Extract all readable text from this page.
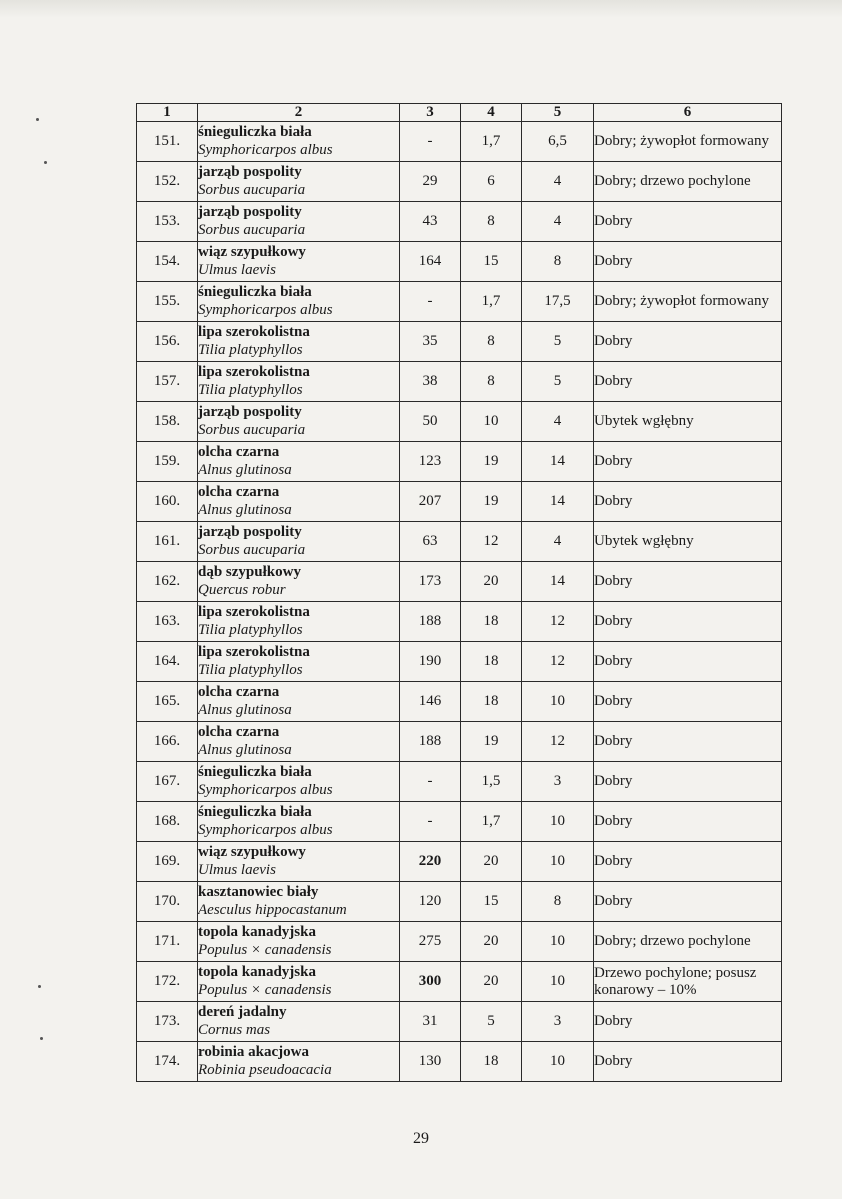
1	2	3	4	5	6
151.	śnieguliczka biała
Symphoricarpos albus	-	1,7	6,5	Dobry; żywopłot formowany
152.	jarząb pospolity
Sorbus aucuparia	29	6	4	Dobry; drzewo pochylone
153.	jarząb pospolity
Sorbus aucuparia	43	8	4	Dobry
154.	wiąz szypułkowy
Ulmus laevis	164	15	8	Dobry
155.	śnieguliczka biała
Symphoricarpos albus	-	1,7	17,5	Dobry; żywopłot formowany
156.	lipa szerokolistna
Tilia platyphyllos	35	8	5	Dobry
157.	lipa szerokolistna
Tilia platyphyllos	38	8	5	Dobry
158.	jarząb pospolity
Sorbus aucuparia	50	10	4	Ubytek wgłębny
159.	olcha czarna
Alnus glutinosa	123	19	14	Dobry
160.	olcha czarna
Alnus glutinosa	207	19	14	Dobry
161.	jarząb pospolity
Sorbus aucuparia	63	12	4	Ubytek wgłębny
162.	dąb szypułkowy
Quercus robur	173	20	14	Dobry
163.	lipa szerokolistna
Tilia platyphyllos	188	18	12	Dobry
164.	lipa szerokolistna
Tilia platyphyllos	190	18	12	Dobry
165.	olcha czarna
Alnus glutinosa	146	18	10	Dobry
166.	olcha czarna
Alnus glutinosa	188	19	12	Dobry
167.	śnieguliczka biała
Symphoricarpos albus	-	1,5	3	Dobry
168.	śnieguliczka biała
Symphoricarpos albus	-	1,7	10	Dobry
169.	wiąz szypułkowy
Ulmus laevis	220	20	10	Dobry
170.	kasztanowiec biały
Aesculus hippocastanum	120	15	8	Dobry
171.	topola kanadyjska
Populus × canadensis	275	20	10	Dobry; drzewo pochylone
172.	topola kanadyjska
Populus × canadensis	300	20	10	Drzewo pochylone; posusz konarowy – 10%
173.	dereń jadalny
Cornus mas	31	5	3	Dobry
174.	robinia akacjowa
Robinia pseudoacacia	130	18	10	Dobry
29
